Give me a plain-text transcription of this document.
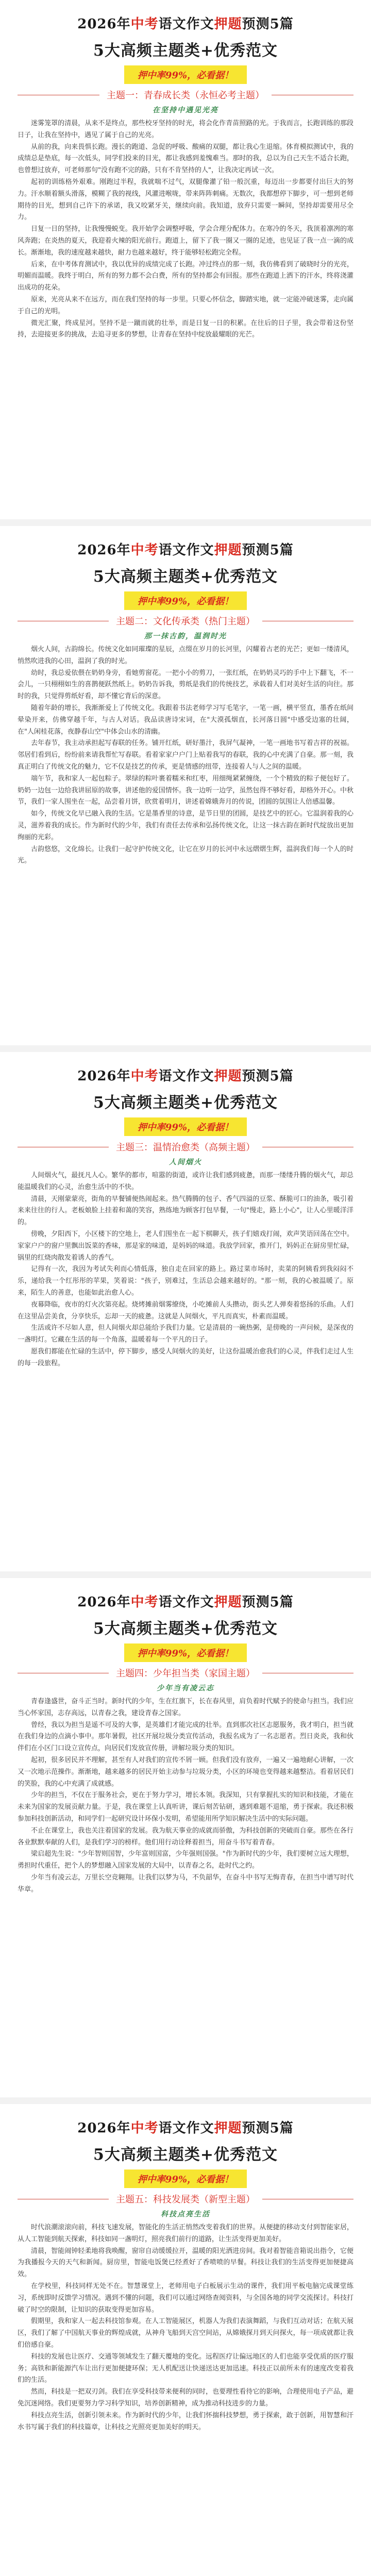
2026年中考语文作文押题预测5篇
5大高频主题类+优秀范文
押中率99%，必看据！
主题一：青春成长类（永恒必考主题）
在坚持中遇见光亮

迷雾笼罩的清晨，从来不是终点，那些校牙坚持的时光，将会化作青苗照路的光。于我而言，长跑训练的那段日子，让我在坚持中，遇见了属于自己的光亮。

从前的我，向来畏惧长跑。漫长的跑道、急促的呼吸、酸痛的双腿，都让我心生退缩。体育模拟测试中，我的成绩总是垫底，每一次低头，同学们投来的目光，都让我感到羞愧难当。那时的我，总以为自己天生不适合长跑，也曾想过放弃，可老师那句"没有跑不完的路，只有不肯坚持的人"，让我决定再试一次。

起初的训练格外艰难。刚跑过半程，我就喘不过气，双腿像灌了铅一般沉重，每迈出一步都要付出巨大的努力。汗水顺着额头滑落，模糊了我的视线，风灌进喉咙，带来阵阵刺痛。无数次，我都想停下脚步，可一想到老师期待的目光，想到自己许下的承诺，我又咬紧牙关，继续向前。我知道，放弃只需要一瞬间，坚持却需要用尽全力。

日复一日的坚持，让我慢慢蜕变。我开始学会调整呼吸，学会合理分配体力。在寒冷的冬天，我顶着凛冽的寒风奔跑；在炎热的夏天，我迎着火辣的阳光前行。跑道上，留下了我一圈又一圈的足迹，也见证了我一点一滴的成长。渐渐地，我的速度越来越快，耐力也越来越好，终于能够轻松跑完全程。

后来，在中考体育测试中，我以优异的成绩完成了长跑。冲过终点的那一刻，我仿佛看到了破晓时分的光亮，明媚而温暖。我终于明白，所有的努力都不会白费，所有的坚持都会有回报。那些在跑道上洒下的汗水，终将浇灌出成功的花朵。

原来，光亮从来不在远方，而在我们坚持的每一步里。只要心怀信念，脚踏实地，就一定能冲破迷雾，走向属于自己的光明。

微光汇聚，终成星河。坚持不是一蹴而就的壮举，而是日复一日的积累。在往后的日子里，我会带着这份坚持，去迎接更多的挑战，去追寻更多的梦想，让青春在坚持中绽放最耀眼的光芒。

2026年中考语文作文押题预测5篇
5大高频主题类+优秀范文
押中率99%，必看据！
主题二：文化传承类（热门主题）
那一抹古韵，温润时光

烟火人间，古韵绵长。传统文化如同璀璨的星辰，点缀在岁月的长河里，闪耀着古老的光芒；更如一缕清风，悄然吹进我的心田，温润了我的时光。

幼时，我总爱依偎在奶奶身旁，看她剪窗花。一把小小的剪刀，一张红纸，在奶奶灵巧的手中上下翻飞，不一会儿，一只栩栩如生的喜鹊便跃然纸上。奶奶告诉我，剪纸是我们的传统技艺，承载着人们对美好生活的向往。那时的我，只觉得剪纸好看，却不懂它背后的深意。

随着年龄的增长，我渐渐爱上了传统文化。我跟着书法老师学习写毛笔字，一笔一画，横平竖直，墨香在纸间晕染开来，仿佛穿越千年，与古人对话。我品读唐诗宋词，在"大漠孤烟直，长河落日圆"中感受边塞的壮阔，在"人闲桂花落，夜静春山空"中体会山水的清幽。

去年春节，我主动承担起写春联的任务。铺开红纸，研好墨汁，我屏气凝神，一笔一画地书写着吉祥的祝福。邻居们看到后，纷纷前来请我帮忙写春联。看着家家户户门上贴着我写的春联，我的心中充满了自豪。那一刻，我真正明白了传统文化的魅力，它不仅是技艺的传承，更是情感的纽带，连接着人与人之间的温暖。

端午节，我和家人一起包粽子。翠绿的粽叶裹着糯米和红枣，用细绳紧紧缠绕，一个个精致的粽子便包好了。奶奶一边包一边给我讲屈原的故事，讲述他的爱国情怀。我一边听一边学，虽然包得不够好看，却格外开心。中秋节，我们一家人围坐在一起，品尝着月饼，欣赏着明月，讲述着嫦娥奔月的传说，团圆的氛围让人倍感温馨。

如今，传统文化早已融入我的生活。它是墨香里的诗意，是节日里的团圆，是技艺中的匠心。它温润着我的心灵，滋养着我的成长。作为新时代的少年，我们有责任去传承和弘扬传统文化，让这一抹古韵在新时代绽放出更加绚丽的光彩。

古韵悠悠，文化绵长。让我们一起守护传统文化，让它在岁月的长河中永远熠熠生辉，温润我们每一个人的时光。

2026年中考语文作文押题预测5篇
5大高频主题类+优秀范文
押中率99%，必看据！
主题三：温情治愈类（高频主题）
人间烟火

人间烟火气，最抚凡人心。繁华的都市，喧嚣的街道，或许让我们感到疲惫，而那一缕缕升腾的烟火气，却总能温暖我们的心灵，治愈生活中的不快。

清晨，天刚蒙蒙亮，街角的早餐铺便热闹起来。热气腾腾的包子、香气四溢的豆浆、酥脆可口的油条，吸引着来来往往的行人。老板娘脸上挂着和蔼的笑容，熟练地为顾客打包早餐，一句"慢走，路上小心"，让人心里暖洋洋的。

傍晚，夕阳西下，小区楼下的空地上，老人们围坐在一起下棋聊天，孩子们嬉戏打闹，欢声笑语回荡在空中。家家户户的窗户里飘出饭菜的香味，那是家的味道，是妈妈的味道。我放学回家，推开门，妈妈正在厨房里忙碌，锅里的红烧肉散发着诱人的香气。

记得有一次，我因为考试失利而心情低落，独自走在回家的路上。路过菜市场时，卖菜的阿姨看到我闷闷不乐，递给我一个红彤彤的苹果，笑着说："孩子，别难过，生活总会越来越好的。"那一刻，我的心被温暖了。原来，陌生人的善意，也能如此治愈人心。

夜幕降临，夜市的灯火次第亮起。烧烤摊前烟雾缭绕，小吃摊前人头攒动，街头艺人弹奏着悠扬的乐曲。人们在这里品尝美食，分享快乐，忘却一天的疲惫。这就是人间烟火，平凡而真实，朴素而温暖。

生活或许不尽如人意，但人间烟火却总能给予我们力量。它是清晨的一碗热粥，是傍晚的一声问候，是深夜的一盏明灯。它藏在生活的每一个角落，温暖着每一个平凡的日子。

愿我们都能在忙碌的生活中，停下脚步，感受人间烟火的美好，让这份温暖治愈我们的心灵，伴我们走过人生的每一段旅程。

2026年中考语文作文押题预测5篇
5大高频主题类+优秀范文
押中率99%，必看据！
主题四：少年担当类（家国主题）
少年当有凌云志

青春逢盛世，奋斗正当时。新时代的少年，生在红旗下，长在春风里，肩负着时代赋予的使命与担当。我们应当心怀家国，志存高远，以青春之我，建设青春之国家。

曾经，我以为担当是遥不可及的大事，是英雄们才能完成的壮举。直到那次社区志愿服务，我才明白，担当就在我们身边的点滴小事中。那年暑假，社区开展垃圾分类宣传活动，我报名成为了一名志愿者。烈日炎炎，我和伙伴们在小区门口设立宣传点，向居民们发放宣传册，讲解垃圾分类的知识。

起初，很多居民并不理解，甚至有人对我们的宣传不屑一顾。但我们没有放弃，一遍又一遍地耐心讲解，一次又一次地示范操作。渐渐地，越来越多的居民开始主动参与垃圾分类，小区的环境也变得越来越整洁。看着居民们的笑脸，我的心中充满了成就感。

少年的担当，不仅在于服务社会，更在于努力学习，增长本领。我深知，只有掌握扎实的知识和技能，才能在未来为国家的发展贡献力量。于是，我在课堂上认真听讲，课后刻苦钻研，遇到难题不退缩，勇于探索。我还积极参加科技创新活动，和同学们一起研究设计环保小发明，希望能用所学知识解决生活中的实际问题。

不止在课堂上，我也关注着国家的发展。我为航天事业的成就而骄傲，为科技创新的突破而自豪。那些在各行各业默默奉献的人们，是我们学习的榜样。他们用行动诠释着担当，用奋斗书写着青春。

梁启超先生说："少年智则国智，少年富则国富，少年强则国强。"作为新时代的少年，我们要树立远大理想，勇担时代重任，把个人的梦想融入国家发展的大局中，以青春之名，赴时代之约。

少年当有凌云志，万里长空竞翱翔。让我们以梦为马，不负韶华，在奋斗中书写无悔青春，在担当中谱写时代华章。

2026年中考语文作文押题预测5篇
5大高频主题类+优秀范文
押中率99%，必看据！
主题五：科技发展类（新型主题）
科技点亮生活

时代浪潮滚滚向前，科技飞速发展，智能化的生活正悄然改变着我们的世界。从便捷的移动支付到智能家居，从人工智能到航天探索，科技如同一盏明灯，照亮我们前行的道路，让生活变得更加美好。

清晨，智能闹钟轻柔地将我唤醒，窗帘自动缓缓拉开，温暖的阳光洒进房间。我对着智能音箱说出指令，它便为我播报今天的天气和新闻。厨房里，智能电饭煲已经煮好了香喷喷的早餐。科技让我们的生活变得更加便捷高效。

在学校里，科技同样无处不在。智慧课堂上，老师用电子白板展示生动的课件，我们用平板电脑完成课堂练习，系统即时反馈学习情况。遇到不懂的问题，我们可以通过网络查阅资料，与全国各地的同学交流探讨。科技打破了时空的限制，让知识的获取变得更加容易。

假期里，我和家人一起去科技馆参观。在人工智能展区，机器人为我们表演舞蹈，与我们互动对话；在航天展区，我们了解了中国航天事业的辉煌成就，从神舟飞船到天宫空间站，从嫦娥探月到天问探火，每一项成就都让我们倍感自豪。

科技的发展也让医疗、交通等领域发生了翻天覆地的变化。远程医疗让偏远地区的人们也能享受优质的医疗服务；高铁和新能源汽车让出行更加便捷环保；无人机配送让快递送达更加迅速。科技正以前所未有的速度改变着我们的生活。

然而，科技是一把双刃剑。我们在享受科技带来便利的同时，也要理性看待它的影响，合理使用电子产品，避免沉迷网络。我们更要努力学习科学知识，培养创新精神，成为推动科技进步的力量。

科技点亮生活，创新引领未来。作为新时代的少年，让我们怀揣科技梦想，勇于探索，敢于创新，用智慧和汗水书写属于我们的科技篇章，让科技之光照亮更加美好的明天。
